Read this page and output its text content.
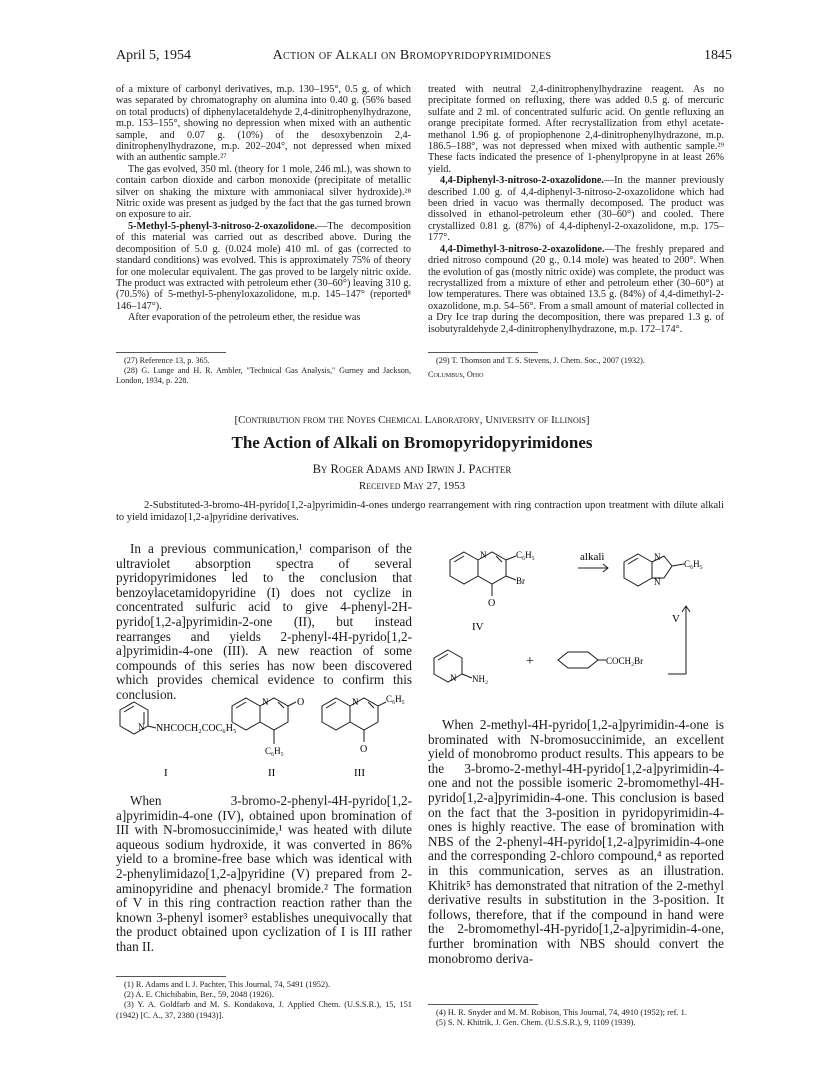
April 5, 1954	Action of Alkali on Bromopyridopyrimidones	1845

of a mixture of carbonyl derivatives, m.p. 130–195°, 0.5 g. of which was separated by chromatography on alumina into 0.40 g. (56% based on total products) of diphenylacetaldehyde 2,4-dinitrophenylhydrazone, m.p. 153–155°, showing no depression when mixed with an authentic sample, and 0.07 g. (10%) of the desoxybenzoin 2,4-dinitrophenylhydrazone, m.p. 202–204°, not depressed when mixed with an authentic sample.²⁷

The gas evolved, 350 ml. (theory for 1 mole, 246 ml.), was shown to contain carbon dioxide and carbon monoxide (precipitate of metallic silver on shaking the mixture with ammoniacal silver hydroxide).²⁸ Nitric oxide was present as judged by the fact that the gas turned brown on exposure to air.

5-Methyl-5-phenyl-3-nitroso-2-oxazolidone.—The decomposition of this material was carried out as described above. During the decomposition of 5.0 g. (0.024 mole) 410 ml. of gas (corrected to standard conditions) was evolved. This is approximately 75% of theory for one molecular equivalent. The gas proved to be largely nitric oxide. The product was extracted with petroleum ether (30–60°) leaving 310 g. (70.5%) of 5-methyl-5-phenyloxazolidone, m.p. 145–147° (reported⁸ 146–147°).

After evaporation of the petroleum ether, the residue was

(27) Reference 13, p. 365.

(28) G. Lunge and H. R. Ambler, "Technical Gas Analysis," Gurney and Jackson, London, 1934, p. 228.

treated with neutral 2,4-dinitrophenylhydrazine reagent. As no precipitate formed on refluxing, there was added 0.5 g. of mercuric sulfate and 2 ml. of concentrated sulfuric acid. On gentle refluxing an orange precipitate formed. After recrystallization from ethyl acetate-methanol 1.96 g. of propiophenone 2,4-dinitrophenylhydrazone, m.p. 186.5–188°, was not depressed when mixed with authentic sample.²⁹ These facts indicated the presence of 1-phenylpropyne in at least 26% yield.

4,4-Diphenyl-3-nitroso-2-oxazolidone.—In the manner previously described 1.00 g. of 4,4-diphenyl-3-nitroso-2-oxazolidone which had been dried in vacuo was thermally decomposed. The product was dissolved in ethanol-petroleum ether (30–60°) and cooled. There crystallized 0.81 g. (87%) of 4,4-diphenyl-2-oxazolidone, m.p. 175–177°.

4,4-Dimethyl-3-nitroso-2-oxazolidone.—The freshly prepared and dried nitroso compound (20 g., 0.14 mole) was heated to 200°. When the evolution of gas (mostly nitric oxide) was complete, the product was recrystallized from a mixture of ether and petroleum ether (30–60°) at low temperatures. There was obtained 13.5 g. (84%) of 4,4-dimethyl-2-oxazolidone, m.p. 54–56°. From a small amount of material collected in a Dry Ice trap during the decomposition, there was prepared 1.3 g. of isobutyraldehyde 2,4-dinitrophenylhydrazone, m.p. 172–174°.

(29) T. Thomson and T. S. Stevens, J. Chem. Soc., 2007 (1932).

Columbus, Ohio

[Contribution from the Noyes Chemical Laboratory, University of Illinois]
The Action of Alkali on Bromopyridopyrimidones
By Roger Adams and Irwin J. Pachter
Received May 27, 1953
2-Substituted-3-bromo-4H-pyrido[1,2-a]pyrimidin-4-ones undergo rearrangement with ring contraction upon treatment with dilute alkali to yield imidazo[1,2-a]pyridine derivatives.

In a previous communication,¹ comparison of the ultraviolet absorption spectra of several pyridopyrimidones led to the conclusion that benzoylacetamidopyridine (I) does not cyclize in concentrated sulfuric acid to give 4-phenyl-2H-pyrido[1,2-a]pyrimidin-2-one (II), but instead rearranges and yields 2-phenyl-4H-pyrido[1,2-a]pyrimidin-4-one (III). A new reaction of some compounds of this series has now been discovered which provides chemical evidence to confirm this conclusion.

N NHCOCH₂COC₆H₅
N	O
C₆H₅
N	C₆H₅
O
I	II	III

When 3-bromo-2-phenyl-4H-pyrido[1,2-a]pyrimidin-4-one (IV), obtained upon bromination of III with N-bromosuccinimide,¹ was heated with dilute aqueous sodium hydroxide, it was converted in 86% yield to a bromine-free base which was identical with 2-phenylimidazo[1,2-a]pyridine (V) prepared from 2-aminopyridine and phenacyl bromide.² The formation of V in this ring contraction reaction rather than the known 3-phenyl isomer³ establishes unequivocally that the product obtained upon cyclization of I is III rather than II.

(1) R. Adams and I. J. Pachter, This Journal, 74, 5491 (1952).

(2) A. E. Chichibabin, Ber., 59, 2048 (1926).

(3) Y. A. Goldfarb and M. S. Kondakova, J. Applied Chem. (U.S.S.R.), 15, 151 (1942) [C. A., 37, 2380 (1943)].

N	C₆H₅
Br
O
IV
alkali	N
N
C₆H₅
V
N NH₂
+	COCH₂Br

When 2-methyl-4H-pyrido[1,2-a]pyrimidin-4-one is brominated with N-bromosuccinimide, an excellent yield of monobromo product results. This appears to be the 3-bromo-2-methyl-4H-pyrido[1,2-a]pyrimidin-4-one and not the possible isomeric 2-bromomethyl-4H-pyrido[1,2-a]pyrimidin-4-one. This conclusion is based on the fact that the 3-position in pyridopyrimidin-4-ones is highly reactive. The ease of bromination with NBS of the 2-phenyl-4H-pyrido[1,2-a]pyrimidin-4-one and the corresponding 2-chloro compound,⁴ as reported in this communication, serves as an illustration. Khitrik⁵ has demonstrated that nitration of the 2-methyl derivative results in substitution in the 3-position. It follows, therefore, that if the compound in hand were the 2-bromomethyl-4H-pyrido[1,2-a]pyrimidin-4-one, further bromination with NBS should convert the monobromo deriva-

(4) H. R. Snyder and M. M. Robison, This Journal, 74, 4910 (1952); ref. 1.

(5) S. N. Khitrik, J. Gen. Chem. (U.S.S.R.), 9, 1109 (1939).
